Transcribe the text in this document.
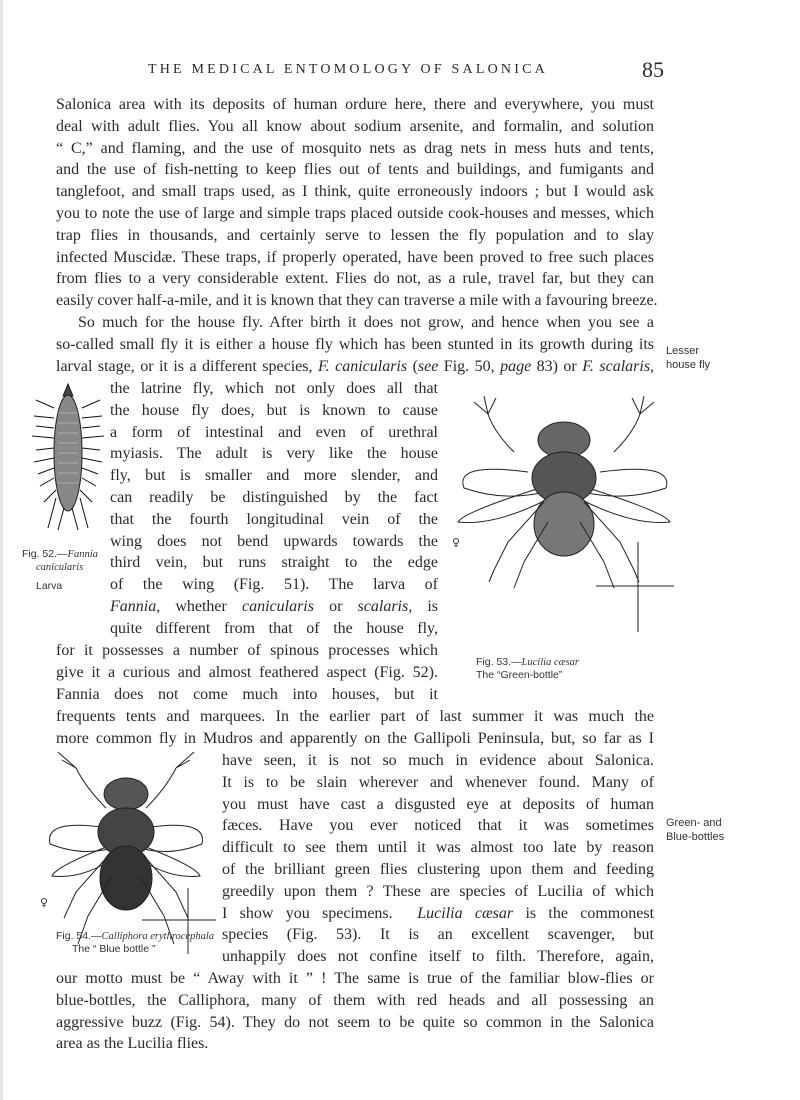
THE MEDICAL ENTOMOLOGY OF SALONICA	85
Salonica area with its deposits of human ordure here, there and everywhere, you must
deal with adult flies. You all know about sodium arsenite, and formalin, and solution
“ C,” and flaming, and the use of mosquito nets as drag nets in mess huts and tents,
and the use of fish-netting to keep flies out of tents and buildings, and fumigants and
tanglefoot, and small traps used, as I think, quite erroneously indoors ; but I would ask
you to note the use of large and simple traps placed outside cook-houses and messes, which
trap flies in thousands, and certainly serve to lessen the fly population and to slay
infected Muscidæ. These traps, if properly operated, have been proved to free such places
from flies to a very considerable extent. Flies do not, as a rule, travel far, but they can
easily cover half-a-mile, and it is known that they can traverse a mile with a favouring breeze.
So much for the house fly. After birth it does not grow, and hence when you see a
so-called small fly it is either a house fly which has been stunted in its growth during its
larval stage, or it is a different species, F. canicularis (see Fig. 50, page 83) or F. scalaris,
the latrine fly, which not only does all that
the house fly does, but is known to cause
a form of intestinal and even of urethral
myiasis. The adult is very like the house
fly, but is smaller and more slender, and
can readily be distinguished by the fact
that the fourth longitudinal vein of the
wing does not bend upwards towards the
third vein, but runs straight to the edge
of the wing (Fig. 51). The larva of
Fannia, whether canicularis or scalaris, is
quite different from that of the house fly,
for it possesses a number of spinous processes which
give it a curious and almost feathered aspect (Fig. 52).
Fannia does not come much into houses, but it
frequents tents and marquees. In the earlier part of last summer it was much the
more common fly in Mudros and apparently on the Gallipoli Peninsula, but, so far as I
have seen, it is not so much in evidence about Salonica.
It is to be slain wherever and whenever found. Many of
you must have cast a disgusted eye at deposits of human
fæces. Have you ever noticed that it was sometimes
difficult to see them until it was almost too late by reason
of the brilliant green flies clustering upon them and feeding
greedily upon them ? These are species of Lucilia of which
I show you specimens.  Lucilia cæsar is the commonest
species (Fig. 53). It is an excellent scavenger, but
unhappily does not confine itself to filth. Therefore, again,
our motto must be “ Away with it ” ! The same is true of the familiar blow-flies or
blue-bottles, the Calliphora, many of them with red heads and all possessing an
aggressive buzz (Fig. 54). They do not seem to be quite so common in the Salonica
area as the Lucilia flies.
Lesser
house fly
Green- and
Blue-bottles
Fig. 52.—Fannia
canicularis
Larva
♀
Fig. 53.—Lucilia cæsar
The “Green-bottle”
♀
Fig. 54.—Calliphora erythrocephala
The “ Blue bottle ”
